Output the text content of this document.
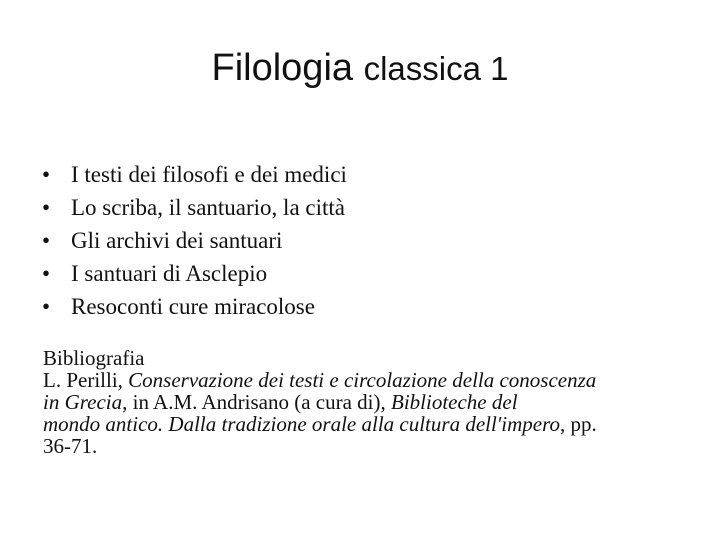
Filologia classica 1
• I testi dei filosofi e dei medici
• Lo scriba, il santuario, la città
• Gli archivi dei santuari
• I santuari di Asclepio
• Resoconti cure miracolose
Bibliografia
L. Perilli, Conservazione dei testi e circolazione della conoscenza
in Grecia, in A.M. Andrisano (a cura di), Biblioteche del
mondo antico. Dalla tradizione orale alla cultura dell'impero, pp.
36-71.
